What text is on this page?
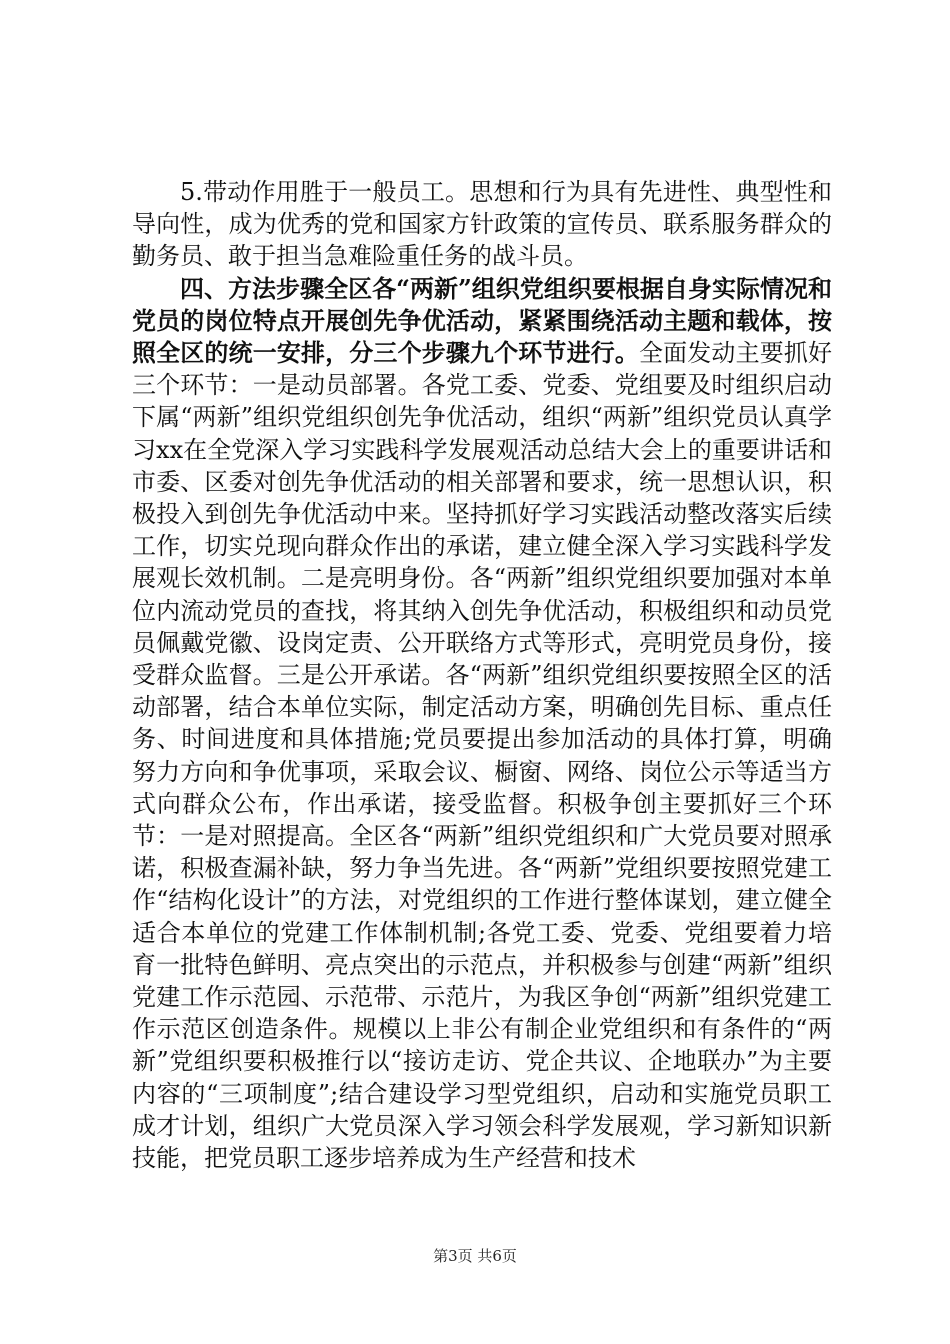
5.带动作用胜于一般员工。思想和行为具有先进性、典型性和导向性，成为优秀的党和国家方针政策的宣传员、联系服务群众的勤务员、敢于担当急难险重任务的战斗员。

四、方法步骤全区各“两新”组织党组织要根据自身实际情况和党员的岗位特点开展创先争优活动，紧紧围绕活动主题和载体，按照全区的统一安排，分三个步骤九个环节进行。全面发动主要抓好三个环节：一是动员部署。各党工委、党委、党组要及时组织启动下属“两新”组织党组织创先争优活动，组织“两新”组织党员认真学习xx在全党深入学习实践科学发展观活动总结大会上的重要讲话和市委、区委对创先争优活动的相关部署和要求，统一思想认识，积极投入到创先争优活动中来。坚持抓好学习实践活动整改落实后续工作，切实兑现向群众作出的承诺，建立健全深入学习实践科学发展观长效机制。二是亮明身份。各“两新”组织党组织要加强对本单位内流动党员的查找，将其纳入创先争优活动，积极组织和动员党员佩戴党徽、设岗定责、公开联络方式等形式，亮明党员身份，接受群众监督。三是公开承诺。各“两新”组织党组织要按照全区的活动部署，结合本单位实际，制定活动方案，明确创先目标、重点任务、时间进度和具体措施;党员要提出参加活动的具体打算，明确努力方向和争优事项，采取会议、橱窗、网络、岗位公示等适当方式向群众公布，作出承诺，接受监督。积极争创主要抓好三个环节：一是对照提高。全区各“两新”组织党组织和广大党员要对照承诺，积极查漏补缺，努力争当先进。各“两新”党组织要按照党建工作“结构化设计”的方法，对党组织的工作进行整体谋划，建立健全适合本单位的党建工作体制机制;各党工委、党委、党组要着力培育一批特色鲜明、亮点突出的示范点，并积极参与创建“两新”组织党建工作示范园、示范带、示范片，为我区争创“两新”组织党建工作示范区创造条件。规模以上非公有制企业党组织和有条件的“两新”党组织要积极推行以“接访走访、党企共议、企地联办”为主要内容的“三项制度”;结合建设学习型党组织，启动和实施党员职工成才计划，组织广大党员深入学习领会科学发展观，学习新知识新技能，把党员职工逐步培养成为生产经营和技术

第3页 共6页
